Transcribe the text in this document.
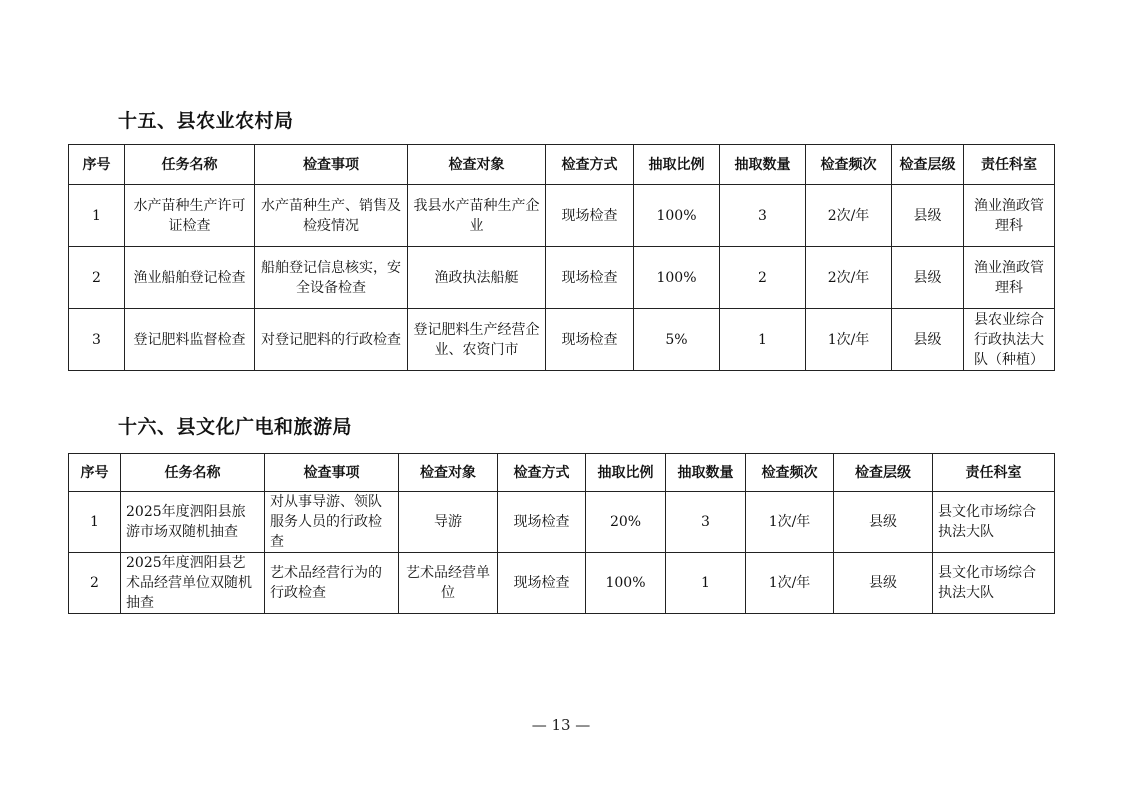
十五、县农业农村局
序号	任务名称	检查事项	检查对象	检查方式	抽取比例	抽取数量	检查频次	检查层级	责任科室
1	水产苗种生产许可证检查	水产苗种生产、销售及检疫情况	我县水产苗种生产企业	现场检查	100%	3	2次/年	县级	渔业渔政管理科
2	渔业船舶登记检查	船舶登记信息核实，安全设备检查	渔政执法船艇	现场检查	100%	2	2次/年	县级	渔业渔政管理科
3	登记肥料监督检查	对登记肥料的行政检查	登记肥料生产经营企业、农资门市	现场检查	5%	1	1次/年	县级	县农业综合行政执法大队（种植）
十六、县文化广电和旅游局
序号	任务名称	检查事项	检查对象	检查方式	抽取比例	抽取数量	检查频次	检查层级	责任科室
1	2025年度泗阳县旅游市场双随机抽查	对从事导游、领队服务人员的行政检查	导游	现场检查	20%	3	1次/年	县级	县文化市场综合执法大队
2	2025年度泗阳县艺术品经营单位双随机抽查	艺术品经营行为的行政检查	艺术品经营单位	现场检查	100%	1	1次/年	县级	县文化市场综合执法大队
— 13 —
